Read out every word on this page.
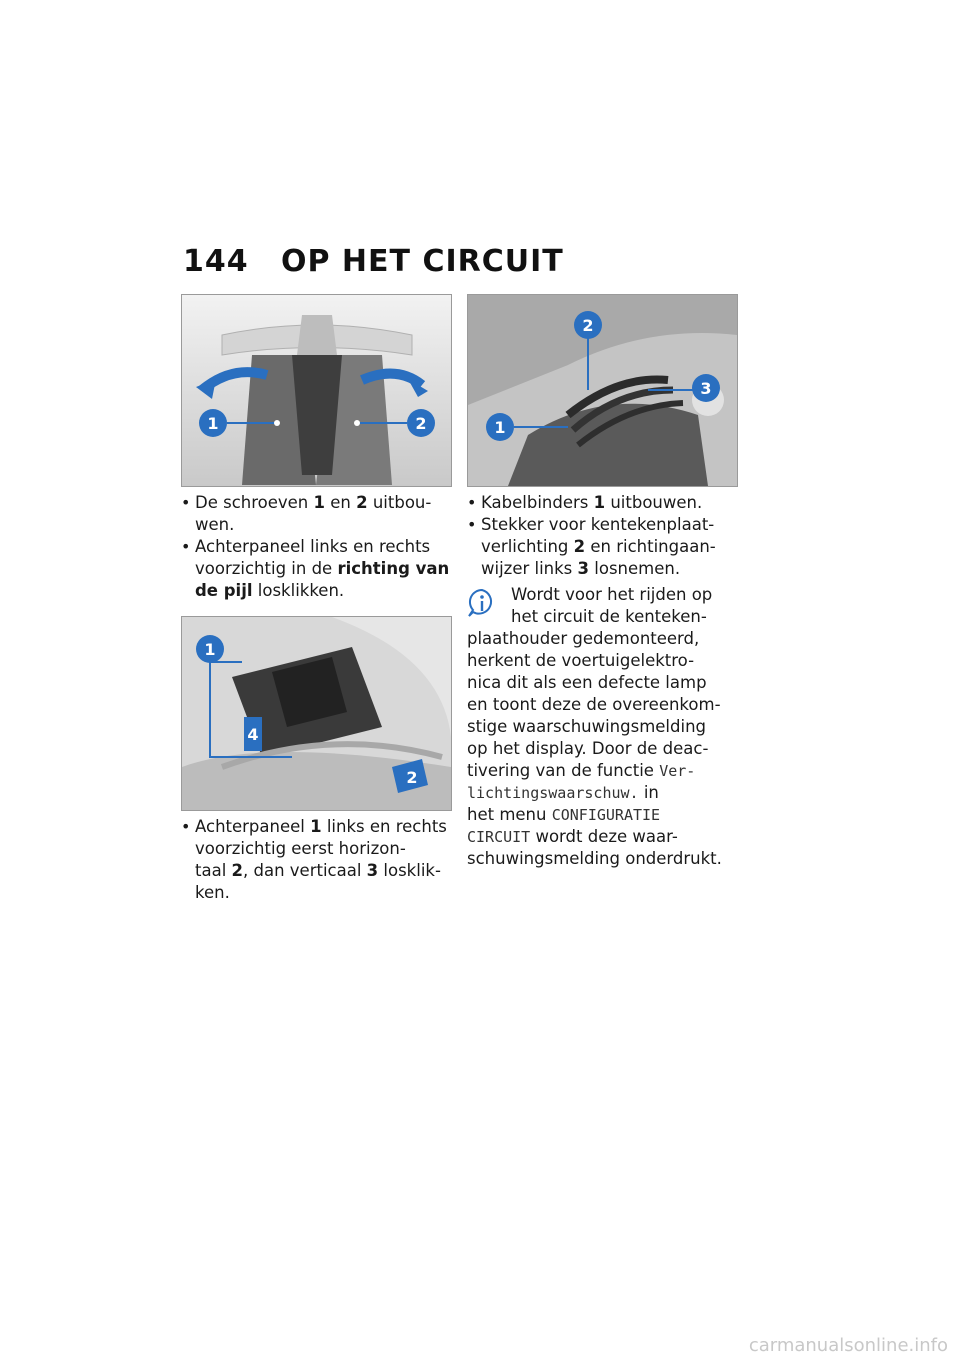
144 OP HET CIRCUIT
1	2
1
2
4
1
2
3
• De schroeven 1 en 2 uitbou-
wen.
• Achterpaneel links en rechts
voorzichtig in de richting van
de pijl losklikken.
• Achterpaneel 1 links en rechts
voorzichtig eerst horizon-
taal 2, dan verticaal 3 losklik-
ken.
• Kabelbinders 1 uitbouwen.
• Stekker voor kentekenplaat-
verlichting 2 en richtingaan-
wijzer links 3 losnemen.
Wordt voor het rijden op
het circuit de kenteken-
plaathouder gedemonteerd,
herkent de voertuigelektro-
nica dit als een defecte lamp
en toont deze de overeenkom-
stige waarschuwingsmelding
op het display. Door de deac-
tivering van de functie Ver-
lichtingswaarschuw. in
het menu CONFIGURATIE
CIRCUIT wordt deze waar-
schuwingsmelding onderdrukt.
carmanualsonline.info
